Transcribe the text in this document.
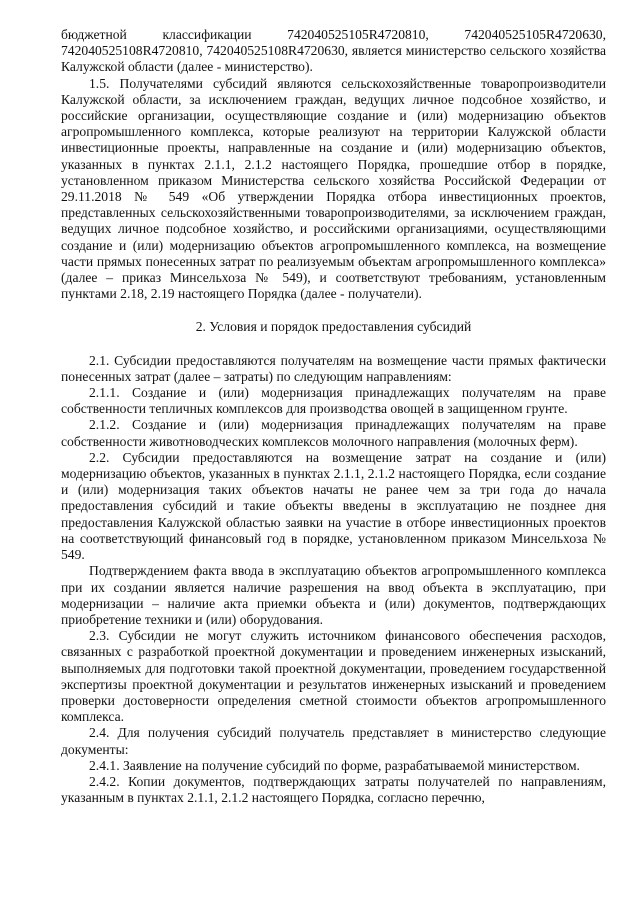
бюджетной классификации 742040525105R4720810, 742040525105R4720630, 742040525108R4720810, 742040525108R4720630, является министерство сельского хозяйства Калужской области (далее - министерство).

1.5. Получателями субсидий являются сельскохозяйственные товаропроизводители Калужской области, за исключением граждан, ведущих личное подсобное хозяйство, и российские организации, осуществляющие создание и (или) модернизацию объектов агропромышленного комплекса, которые реализуют на территории Калужской области инвестиционные проекты, направленные на создание и (или) модернизацию объектов, указанных в пунктах 2.1.1, 2.1.2 настоящего Порядка, прошедшие отбор в порядке, установленном приказом Министерства сельского хозяйства Российской Федерации от 29.11.2018 № 549 «Об утверждении Порядка отбора инвестиционных проектов, представленных сельскохозяйственными товаропроизводителями, за исключением граждан, ведущих личное подсобное хозяйство, и российскими организациями, осуществляющими создание и (или) модернизацию объектов агропромышленного комплекса, на возмещение части прямых понесенных затрат по реализуемым объектам агропромышленного комплекса» (далее – приказ Минсельхоза № 549), и соответствуют требованиям, установленным пунктами 2.18, 2.19 настоящего Порядка (далее - получатели).

2. Условия и порядок предоставления субсидий

2.1. Субсидии предоставляются получателям на возмещение части прямых фактически понесенных затрат (далее – затраты) по следующим направлениям:

2.1.1. Создание и (или) модернизация принадлежащих получателям на праве собственности тепличных комплексов для производства овощей в защищенном грунте.

2.1.2. Создание и (или) модернизация принадлежащих получателям на праве собственности животноводческих комплексов молочного направления (молочных ферм).

2.2. Субсидии предоставляются на возмещение затрат на создание и (или) модернизацию объектов, указанных в пунктах 2.1.1, 2.1.2 настоящего Порядка, если создание и (или) модернизация таких объектов начаты не ранее чем за три года до начала предоставления субсидий и такие объекты введены в эксплуатацию не позднее дня предоставления Калужской областью заявки на участие в отборе инвестиционных проектов на соответствующий финансовый год в порядке, установленном приказом Минсельхоза № 549.

Подтверждением факта ввода в эксплуатацию объектов агропромышленного комплекса при их создании является наличие разрешения на ввод объекта в эксплуатацию, при модернизации – наличие акта приемки объекта и (или) документов, подтверждающих приобретение техники и (или) оборудования.

2.3. Субсидии не могут служить источником финансового обеспечения расходов, связанных с разработкой проектной документации и проведением инженерных изысканий, выполняемых для подготовки такой проектной документации, проведением государственной экспертизы проектной документации и результатов инженерных изысканий и проведением проверки достоверности определения сметной стоимости объектов агропромышленного комплекса.

2.4. Для получения субсидий получатель представляет в министерство следующие документы:

2.4.1. Заявление на получение субсидий по форме, разрабатываемой министерством.

2.4.2. Копии документов, подтверждающих затраты получателей по направлениям, указанным в пунктах 2.1.1, 2.1.2 настоящего Порядка, согласно перечню,
